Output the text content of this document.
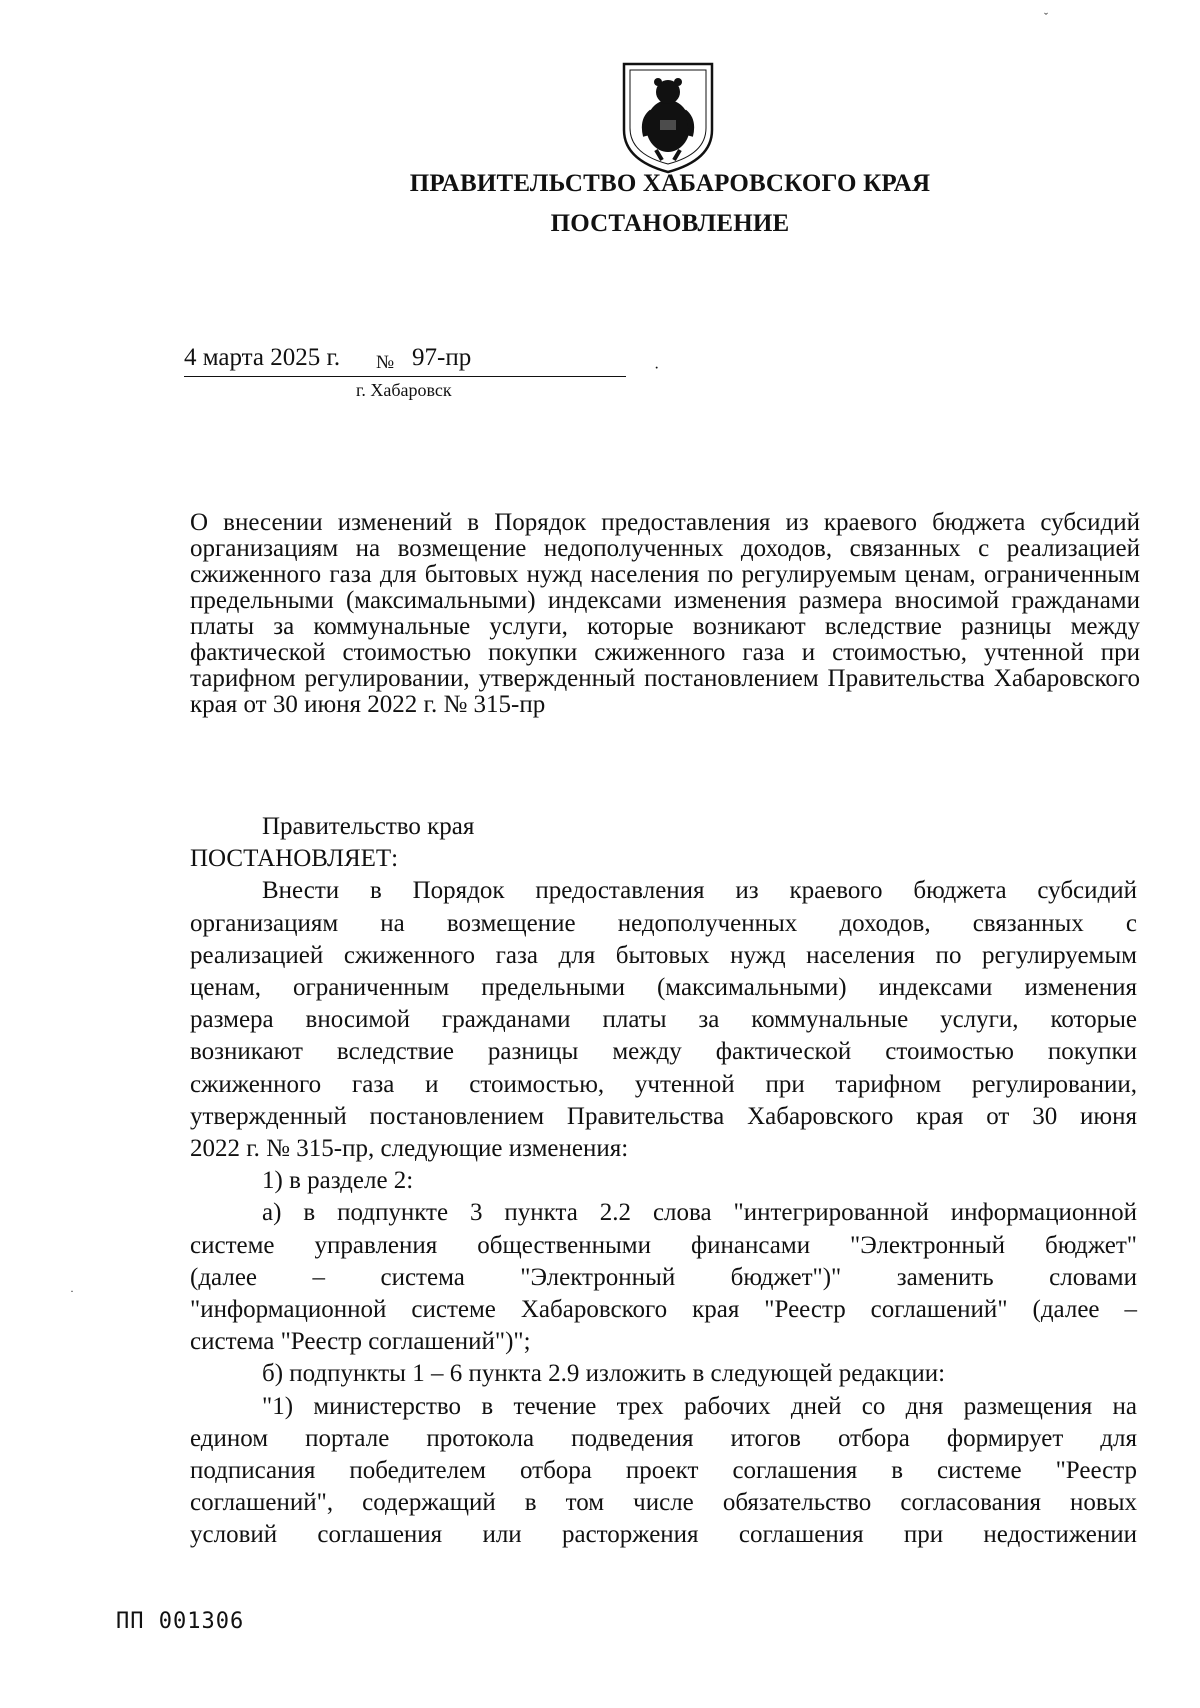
ПРАВИТЕЛЬСТВО ХАБАРОВСКОГО КРАЯ
ПОСТАНОВЛЕНИЕ
4 марта 2025 г. № 97-пр	·
г. Хабаровск
О внесении изменений в Порядок предоставления из краевого бюджета субсидий организациям на возмещение недополученных доходов, связанных с реализацией сжиженного газа для бытовых нужд населения по регулируемым ценам, ограниченным предельными (максимальными) индексами изменения размера вносимой гражданами платы за коммунальные услуги, которые возникают вследствие разницы между фактической стоимостью покупки сжиженного газа и стоимостью, учтенной при тарифном регулировании, утвержденный постановлением Правительства Хабаровского края от 30 июня 2022 г. № 315-пр

Правительство края

ПОСТАНОВЛЯЕТ:

Внести в Порядок предоставления из краевого бюджета субсидий

организациям на возмещение недополученных доходов, связанных с

реализацией сжиженного газа для бытовых нужд населения по регулируемым

ценам, ограниченным предельными (максимальными) индексами изменения

размера вносимой гражданами платы за коммунальные услуги, которые

возникают вследствие разницы между фактической стоимостью покупки

сжиженного газа и стоимостью, учтенной при тарифном регулировании,

утвержденный постановлением Правительства Хабаровского края от 30 июня

2022 г. № 315-пр, следующие изменения:

1) в разделе 2:

а) в подпункте 3 пункта 2.2 слова "интегрированной информационной

системе управления общественными финансами "Электронный бюджет"

(далее – система "Электронный бюджет")" заменить словами

"информационной системе Хабаровского края "Реестр соглашений" (далее –

система "Реестр соглашений")";

б) подпункты 1 – 6 пункта 2.9 изложить в следующей редакции:

"1) министерство в течение трех рабочих дней со дня размещения на

едином портале протокола подведения итогов отбора формирует для

подписания победителем отбора проект соглашения в системе "Реестр

соглашений", содержащий в том числе обязательство согласования новых

условий соглашения или расторжения соглашения при недостижении

ПП 001306
ˇ
·
